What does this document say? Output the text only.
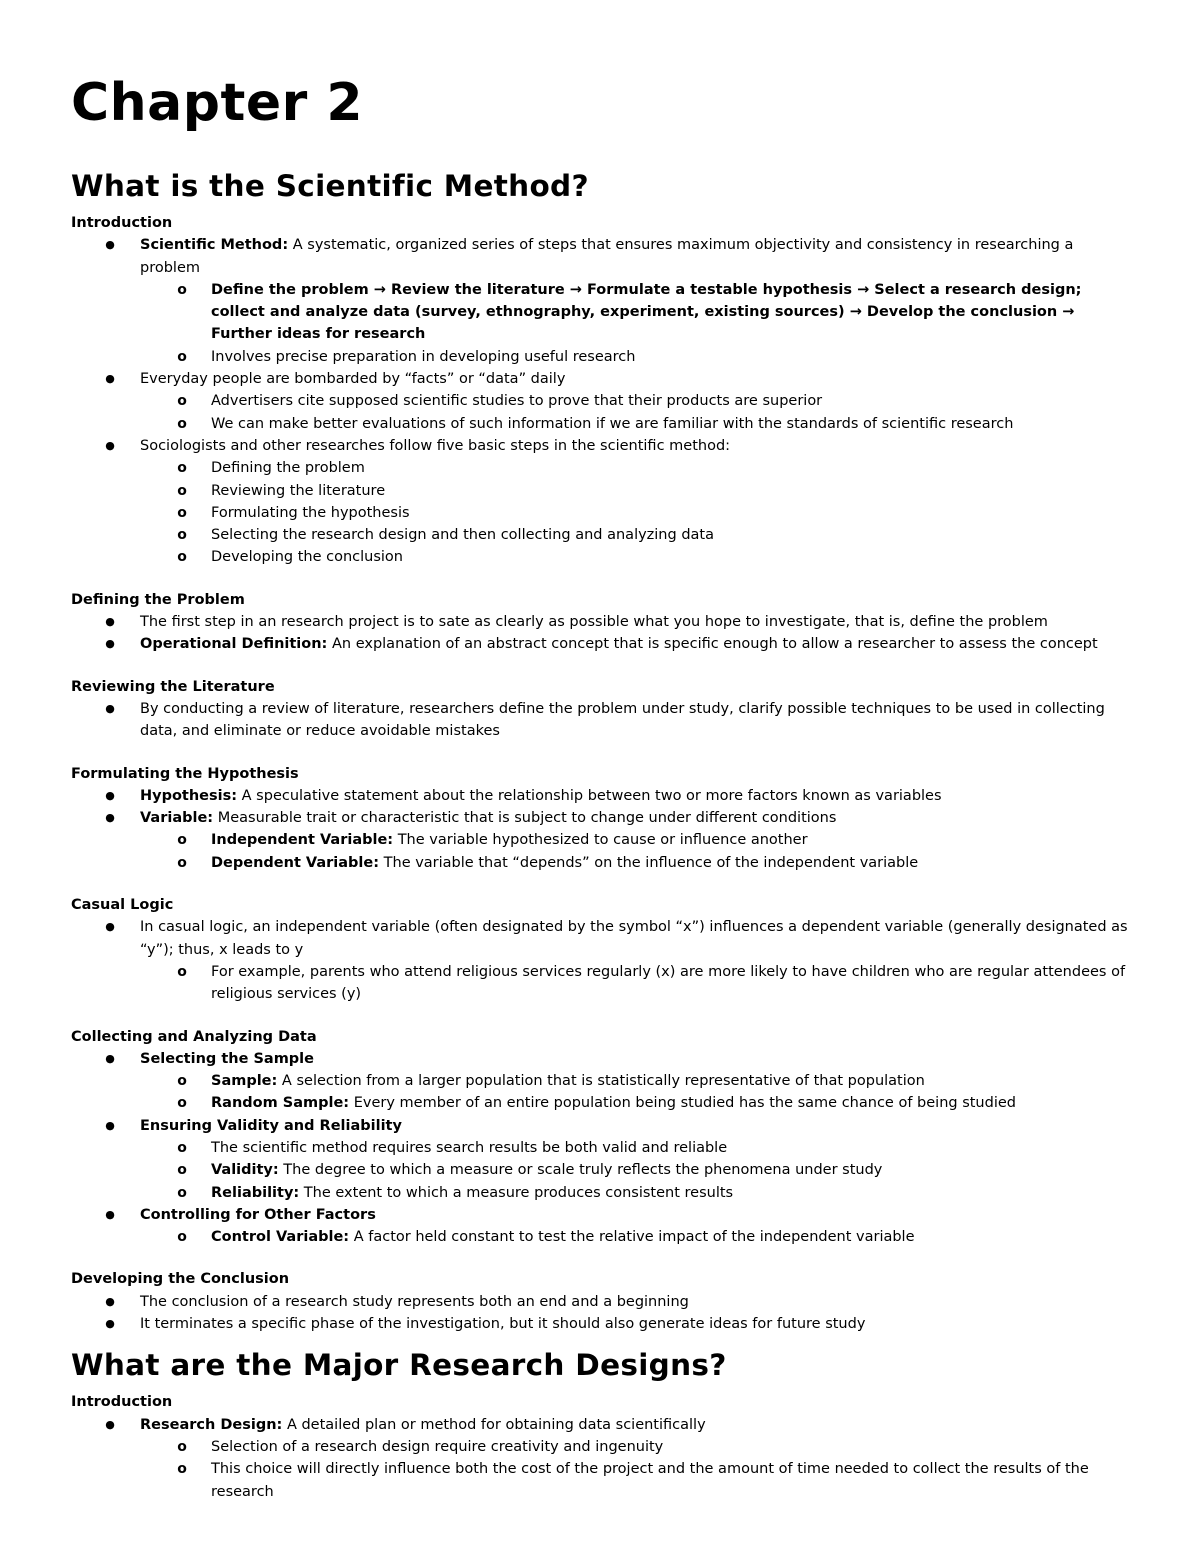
Chapter 2
What is the Scientific Method?

Introduction

● Scientific Method: A systematic, organized series of steps that ensures maximum objectivity and consistency in researching a problem
o Define the problem → Review the literature → Formulate a testable hypothesis → Select a research design; collect and analyze data (survey, ethnography, experiment, existing sources) → Develop the conclusion → Further ideas for research
o Involves precise preparation in developing useful research
● Everyday people are bombarded by “facts” or “data” daily
o Advertisers cite supposed scientific studies to prove that their products are superior
o We can make better evaluations of such information if we are familiar with the standards of scientific research
● Sociologists and other researches follow five basic steps in the scientific method:
o Defining the problem
o Reviewing the literature
o Formulating the hypothesis
o Selecting the research design and then collecting and analyzing data
o Developing the conclusion

Defining the Problem

● The first step in an research project is to sate as clearly as possible what you hope to investigate, that is, define the problem
● Operational Definition: An explanation of an abstract concept that is specific enough to allow a researcher to assess the concept

Reviewing the Literature

● By conducting a review of literature, researchers define the problem under study, clarify possible techniques to be used in collecting data, and eliminate or reduce avoidable mistakes

Formulating the Hypothesis

● Hypothesis: A speculative statement about the relationship between two or more factors known as variables
● Variable: Measurable trait or characteristic that is subject to change under different conditions
o Independent Variable: The variable hypothesized to cause or influence another
o Dependent Variable: The variable that “depends” on the influence of the independent variable

Casual Logic

● In casual logic, an independent variable (often designated by the symbol “x”) influences a dependent variable (generally designated as “y”); thus, x leads to y
o For example, parents who attend religious services regularly (x) are more likely to have children who are regular attendees of religious services (y)

Collecting and Analyzing Data

● Selecting the Sample
o Sample: A selection from a larger population that is statistically representative of that population
o Random Sample: Every member of an entire population being studied has the same chance of being studied
● Ensuring Validity and Reliability
o The scientific method requires search results be both valid and reliable
o Validity: The degree to which a measure or scale truly reflects the phenomena under study
o Reliability: The extent to which a measure produces consistent results
● Controlling for Other Factors
o Control Variable: A factor held constant to test the relative impact of the independent variable

Developing the Conclusion

● The conclusion of a research study represents both an end and a beginning
● It terminates a specific phase of the investigation, but it should also generate ideas for future study
What are the Major Research Designs?

Introduction

● Research Design: A detailed plan or method for obtaining data scientifically
o Selection of a research design require creativity and ingenuity
o This choice will directly influence both the cost of the project and the amount of time needed to collect the results of the research
